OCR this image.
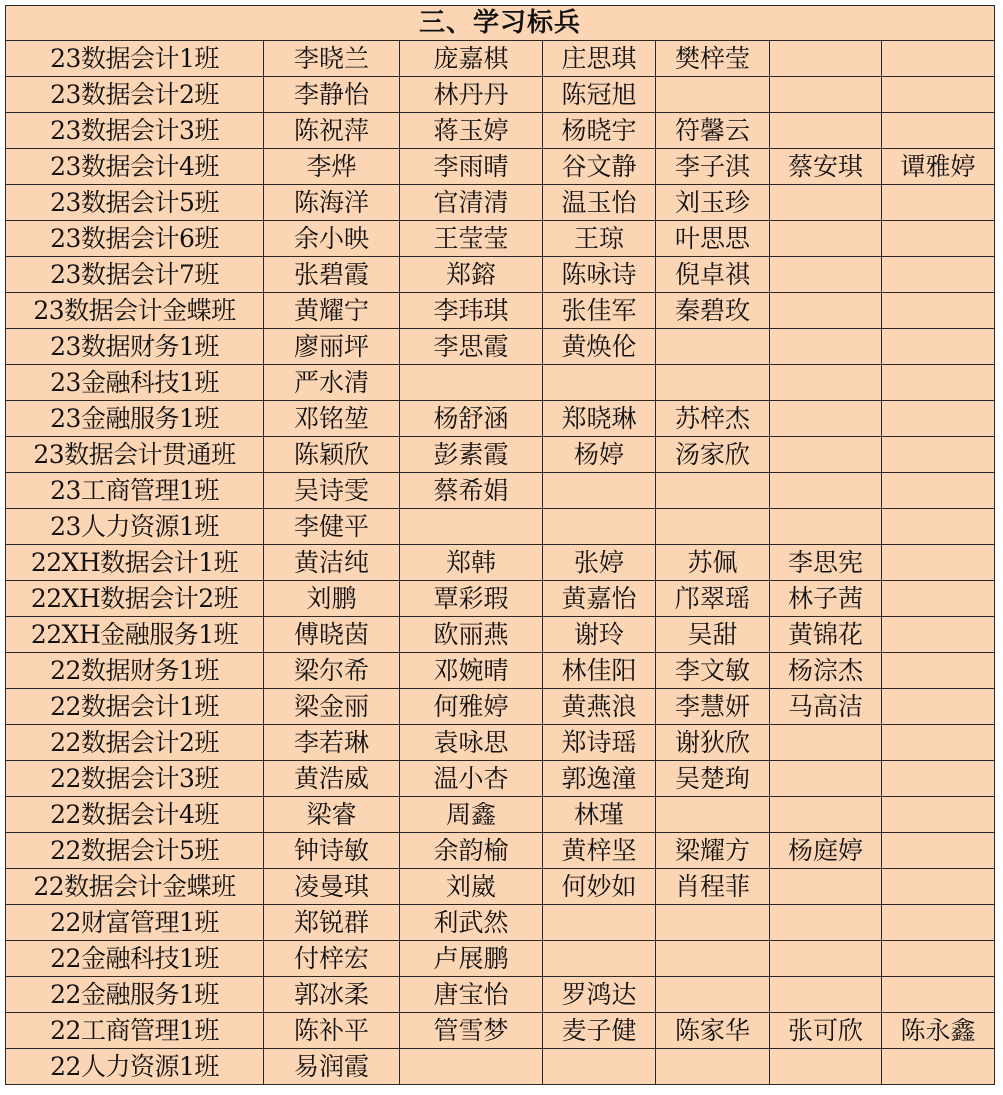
三、学习标兵						
23数据会计1班	李晓兰	庞嘉棋	庄思琪	樊梓莹		
23数据会计2班	李静怡	林丹丹	陈冠旭			
23数据会计3班	陈祝萍	蒋玉婷	杨晓宇	符馨云		
23数据会计4班	李烨	李雨晴	谷文静	李子淇	蔡安琪	谭雅婷
23数据会计5班	陈海洋	官清清	温玉怡	刘玉珍		
23数据会计6班	余小映	王莹莹	王琼	叶思思		
23数据会计7班	张碧霞	郑鎔	陈咏诗	倪卓祺		
23数据会计金蝶班	黄耀宁	李玮琪	张佳军	秦碧玫		
23数据财务1班	廖丽坪	李思霞	黄焕伦			
23金融科技1班	严水清					
23金融服务1班	邓铭堃	杨舒涵	郑晓琳	苏梓杰		
23数据会计贯通班	陈颖欣	彭素霞	杨婷	汤家欣		
23工商管理1班	吴诗雯	蔡希娟				
23人力资源1班	李健平					
22XH数据会计1班	黄洁纯	郑韩	张婷	苏佩	李思宪	
22XH数据会计2班	刘鹏	覃彩瑕	黄嘉怡	邝翠瑶	林子茜	
22XH金融服务1班	傅晓茵	欧丽燕	谢玲	吴甜	黄锦花	
22数据财务1班	梁尔希	邓婉晴	林佳阳	李文敏	杨淙杰	
22数据会计1班	梁金丽	何雅婷	黄燕浪	李慧妍	马高洁	
22数据会计2班	李若琳	袁咏思	郑诗瑶	谢狄欣		
22数据会计3班	黄浩威	温小杏	郭逸潼	吴楚珣		
22数据会计4班	梁睿	周鑫	林瑾			
22数据会计5班	钟诗敏	余韵榆	黄梓坚	梁耀方	杨庭婷	
22数据会计金蝶班	凌曼琪	刘崴	何妙如	肖程菲		
22财富管理1班	郑锐群	利武然				
22金融科技1班	付梓宏	卢展鹏				
22金融服务1班	郭冰柔	唐宝怡	罗鸿达			
22工商管理1班	陈补平	管雪梦	麦子健	陈家华	张可欣	陈永鑫
22人力资源1班	易润霞					
